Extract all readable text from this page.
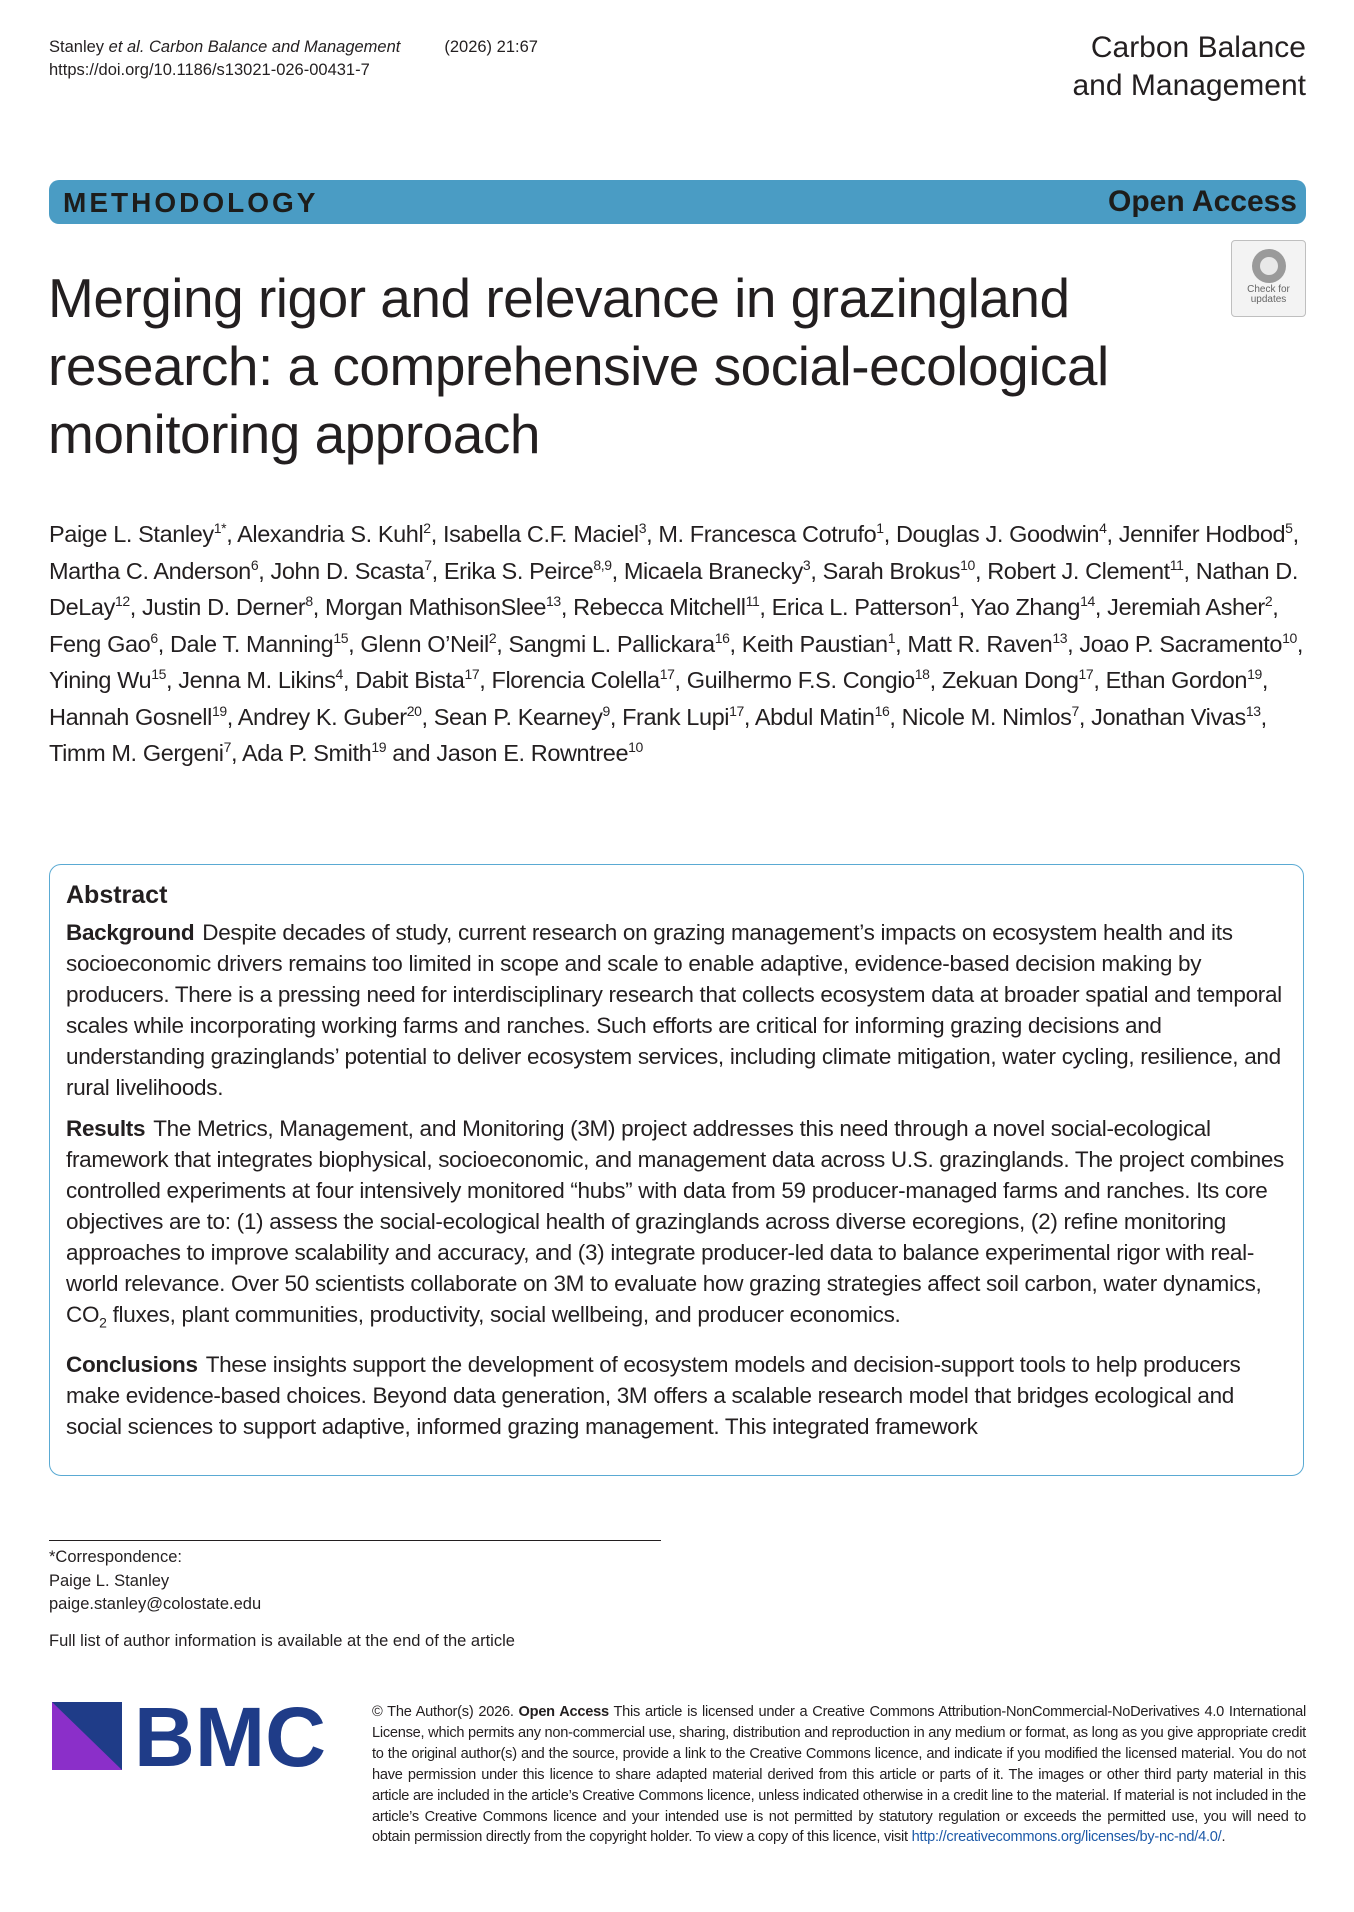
Stanley et al. Carbon Balance and Management	(2026) 21:67
https://doi.org/10.1186/s13021-026-00431-7
Carbon Balance
and Management
METHODOLOGY	Open Access
Check for
updates
Merging rigor and relevance in grazingland research: a comprehensive social-ecological monitoring approach
Paige L. Stanley$^{1*}$, Alexandria S. Kuhl$^2$, Isabella C.F. Maciel$^3$, M. Francesca Cotrufo$^1$, Douglas J. Goodwin$^4$, Jennifer Hodbod$^5$, Martha C. Anderson$^6$, John D. Scasta$^7$, Erika S. Peirce$^{8,9}$, Micaela Branecky$^3$, Sarah Brokus$^{10}$, Robert J. Clement$^{11}$, Nathan D. DeLay$^{12}$, Justin D. Derner$^8$, Morgan MathisonSlee$^{13}$, Rebecca Mitchell$^{11}$, Erica L. Patterson$^1$, Yao Zhang$^{14}$, Jeremiah Asher$^2$, Feng Gao$^6$, Dale T. Manning$^{15}$, Glenn O’Neil$^2$, Sangmi L. Pallickara$^{16}$, Keith Paustian$^1$, Matt R. Raven$^{13}$, Joao P. Sacramento$^{10}$, Yining Wu$^{15}$, Jenna M. Likins$^4$, Dabit Bista$^{17}$, Florencia Colella$^{17}$, Guilhermo F.S. Congio$^{18}$, Zekuan Dong$^{17}$, Ethan Gordon$^{19}$, Hannah Gosnell$^{19}$, Andrey K. Guber$^{20}$, Sean P. Kearney$^9$, Frank Lupi$^{17}$, Abdul Matin$^{16}$, Nicole M. Nimlos$^7$, Jonathan Vivas$^{13}$, Timm M. Gergeni$^7$, Ada P. Smith$^{19}$ and Jason E. Rowntree$^{10}$
Abstract

Background Despite decades of study, current research on grazing management’s impacts on ecosystem health and its socioeconomic drivers remains too limited in scope and scale to enable adaptive, evidence-based decision making by producers. There is a pressing need for interdisciplinary research that collects ecosystem data at broader spatial and temporal scales while incorporating working farms and ranches. Such efforts are critical for informing grazing decisions and understanding grazinglands’ potential to deliver ecosystem services, including climate mitigation, water cycling, resilience, and rural livelihoods.

Results The Metrics, Management, and Monitoring (3M) project addresses this need through a novel social-ecological framework that integrates biophysical, socioeconomic, and management data across U.S. grazinglands. The project combines controlled experiments at four intensively monitored “hubs” with data from 59 producer-managed farms and ranches. Its core objectives are to: (1) assess the social-ecological health of grazinglands across diverse ecoregions, (2) refine monitoring approaches to improve scalability and accuracy, and (3) integrate producer-led data to balance experimental rigor with real-world relevance. Over 50 scientists collaborate on 3M to evaluate how grazing strategies affect soil carbon, water dynamics, $CO_2$ fluxes, plant communities, productivity, social wellbeing, and producer economics.

Conclusions These insights support the development of ecosystem models and decision-support tools to help producers make evidence-based choices. Beyond data generation, 3M offers a scalable research model that bridges ecological and social sciences to support adaptive, informed grazing management. This integrated framework

*Correspondence:
Paige L. Stanley
paige.stanley@colostate.edu
Full list of author information is available at the end of the article
BMC	© The Author(s) 2026. Open Access This article is licensed under a Creative Commons Attribution-NonCommercial-NoDerivatives 4.0 International License, which permits any non-commercial use, sharing, distribution and reproduction in any medium or format, as long as you give appropriate credit to the original author(s) and the source, provide a link to the Creative Commons licence, and indicate if you modified the licensed material. You do not have permission under this licence to share adapted material derived from this article or parts of it. The images or other third party material in this article are included in the article’s Creative Commons licence, unless indicated otherwise in a credit line to the material. If material is not included in the article’s Creative Commons licence and your intended use is not permitted by statutory regulation or exceeds the permitted use, you will need to obtain permission directly from the copyright holder. To view a copy of this licence, visit http://creativecommons.org/licenses/by-nc-nd/4.0/.
